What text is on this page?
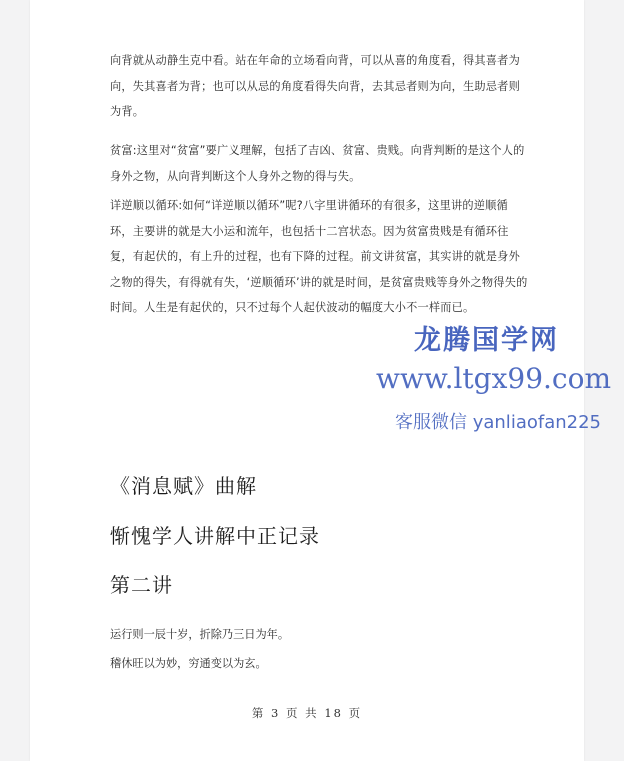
向背就从动静生克中看。站在年命的立场看向背，可以从喜的角度看，得其喜者为向，失其喜者为背；也可以从忌的角度看得失向背，去其忌者则为向，生助忌者则为背。
贫富:这里对“贫富”要广义理解，包括了吉凶、贫富、贵贱。向背判断的是这个人的身外之物，从向背判断这个人身外之物的得与失。
详逆顺以循环:如何“详逆顺以循环”呢?八字里讲循环的有很多，这里讲的逆顺循环，主要讲的就是大小运和流年，也包括十二宫状态。因为贫富贵贱是有循环往复，有起伏的，有上升的过程，也有下降的过程。前文讲贫富，其实讲的就是身外之物的得失，有得就有失，‘逆顺循环’讲的就是时间，是贫富贵贱等身外之物得失的时间。人生是有起伏的，只不过每个人起伏波动的幅度大小不一样而已。
《消息赋》曲解
惭愧学人讲解中正记录
第二讲
运行则一辰十岁，折除乃三日为年。
稽休旺以为妙，穷通变以为玄。
第 3 页 共 18 页
龙腾国学网
www.ltgx99.com
客服微信 yanliaofan225
